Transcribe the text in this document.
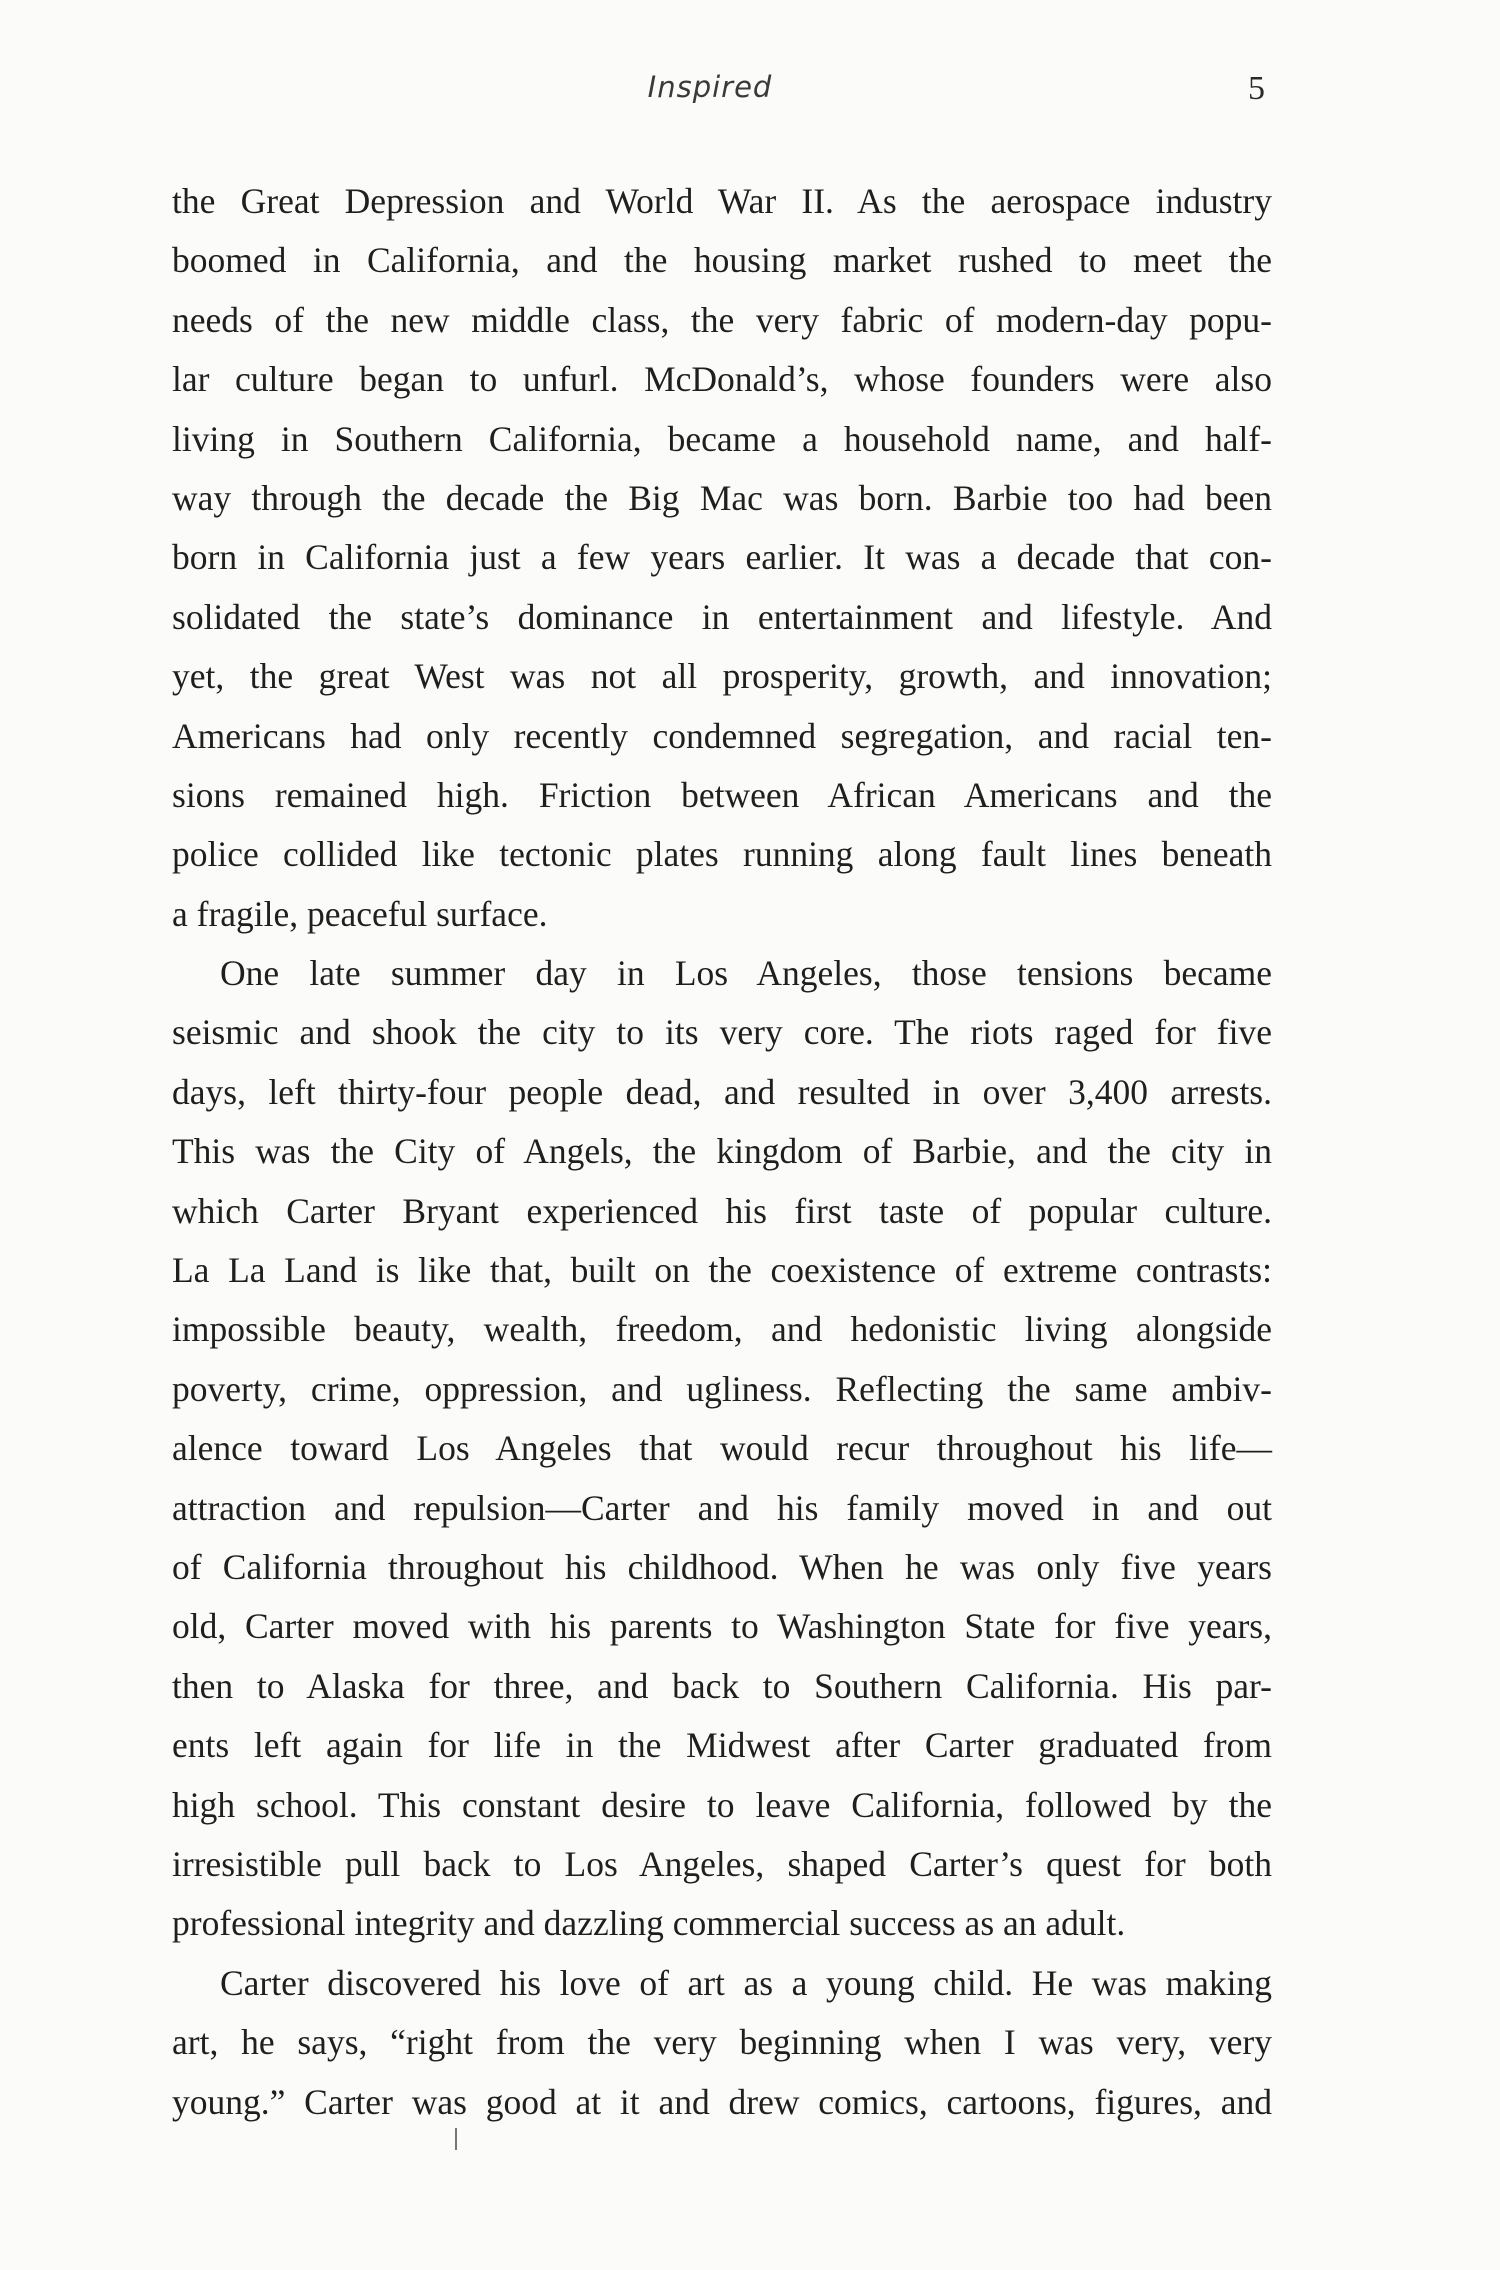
Inspired	5
the Great Depression and World War II. As the aerospace industry
boomed in California, and the housing market rushed to meet the
needs of the new middle class, the very fabric of modern-day popu-
lar culture began to unfurl. McDonald’s, whose founders were also
living in Southern California, became a household name, and half-
way through the decade the Big Mac was born. Barbie too had been
born in California just a few years earlier. It was a decade that con-
solidated the state’s dominance in entertainment and lifestyle. And
yet, the great West was not all prosperity, growth, and innovation;
Americans had only recently condemned segregation, and racial ten-
sions remained high. Friction between African Americans and the
police collided like tectonic plates running along fault lines beneath
a fragile, peaceful surface.
One late summer day in Los Angeles, those tensions became
seismic and shook the city to its very core. The riots raged for five
days, left thirty-four people dead, and resulted in over 3,400 arrests.
This was the City of Angels, the kingdom of Barbie, and the city in
which Carter Bryant experienced his first taste of popular culture.
La La Land is like that, built on the coexistence of extreme contrasts:
impossible beauty, wealth, freedom, and hedonistic living alongside
poverty, crime, oppression, and ugliness. Reflecting the same ambiv-
alence toward Los Angeles that would recur throughout his life—
attraction and repulsion—Carter and his family moved in and out
of California throughout his childhood. When he was only five years
old, Carter moved with his parents to Washington State for five years,
then to Alaska for three, and back to Southern California. His par-
ents left again for life in the Midwest after Carter graduated from
high school. This constant desire to leave California, followed by the
irresistible pull back to Los Angeles, shaped Carter’s quest for both
professional integrity and dazzling commercial success as an adult.
Carter discovered his love of art as a young child. He was making
art, he says, “right from the very beginning when I was very, very
young.” Carter was good at it and drew comics, cartoons, figures, and
